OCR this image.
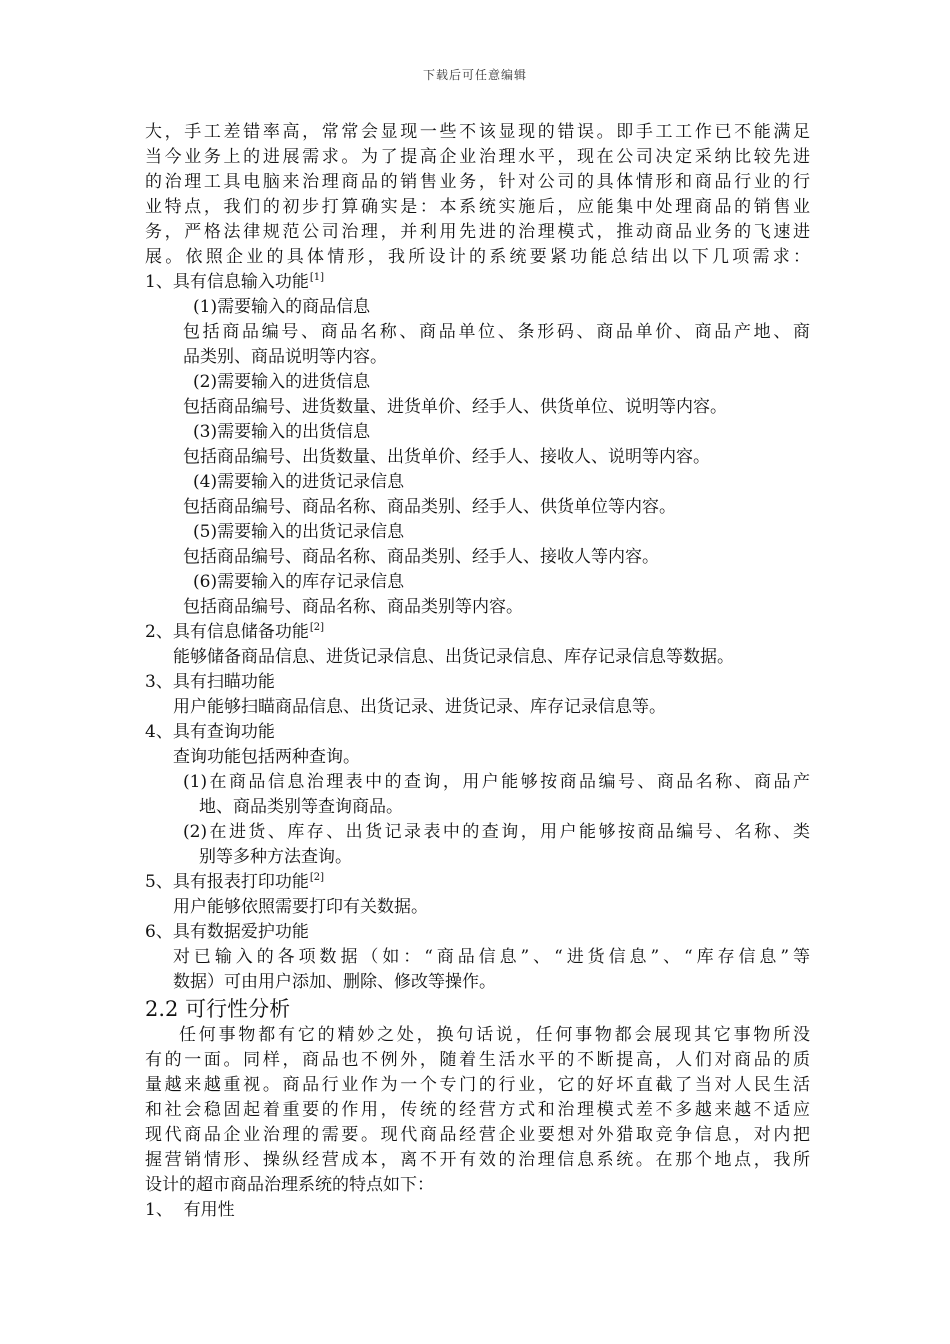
下载后可任意编辑
大，手工差错率高，常常会显现一些不该显现的错误。即手工工作已不能满足
当今业务上的进展需求。为了提高企业治理水平，现在公司决定采纳比较先进
的治理工具电脑来治理商品的销售业务，针对公司的具体情形和商品行业的行
业特点，我们的初步打算确实是：本系统实施后，应能集中处理商品的销售业
务，严格法律规范公司治理，并利用先进的治理模式，推动商品业务的飞速进
展。依照企业的具体情形，我所设计的系统要紧功能总结出以下几项需求：
1、具有信息输入功能[1]
(1)需要输入的商品信息
包括商品编号、商品名称、商品单位、条形码、商品单价、商品产地、商
品类别、商品说明等内容。
(2)需要输入的进货信息
包括商品编号、进货数量、进货单价、经手人、供货单位、说明等内容。
(3)需要输入的出货信息
包括商品编号、出货数量、出货单价、经手人、接收人、说明等内容。
(4)需要输入的进货记录信息
包括商品编号、商品名称、商品类别、经手人、供货单位等内容。
(5)需要输入的出货记录信息
包括商品编号、商品名称、商品类别、经手人、接收人等内容。
(6)需要输入的库存记录信息
包括商品编号、商品名称、商品类别等内容。
2、具有信息储备功能[2]
能够储备商品信息、进货记录信息、出货记录信息、库存记录信息等数据。
3、具有扫瞄功能
用户能够扫瞄商品信息、出货记录、进货记录、库存记录信息等。
4、具有查询功能
查询功能包括两种查询。
(1)在商品信息治理表中的查询，用户能够按商品编号、商品名称、商品产
地、商品类别等查询商品。
(2)在进货、库存、出货记录表中的查询，用户能够按商品编号、名称、类
别等多种方法查询。
5、具有报表打印功能[2]
用户能够依照需要打印有关数据。
6、具有数据爱护功能
对已输入的各项数据（如：“商品信息”、“进货信息”、“库存信息”等
数据）可由用户添加、删除、修改等操作。
2.2 可行性分析
任何事物都有它的精妙之处，换句话说，任何事物都会展现其它事物所没
有的一面。同样，商品也不例外，随着生活水平的不断提高，人们对商品的质
量越来越重视。商品行业作为一个专门的行业，它的好坏直截了当对人民生活
和社会稳固起着重要的作用，传统的经营方式和治理模式差不多越来越不适应
现代商品企业治理的需要。现代商品经营企业要想对外猎取竞争信息，对内把
握营销情形、操纵经营成本，离不开有效的治理信息系统。在那个地点，我所
设计的超市商品治理系统的特点如下：
1、  有用性
